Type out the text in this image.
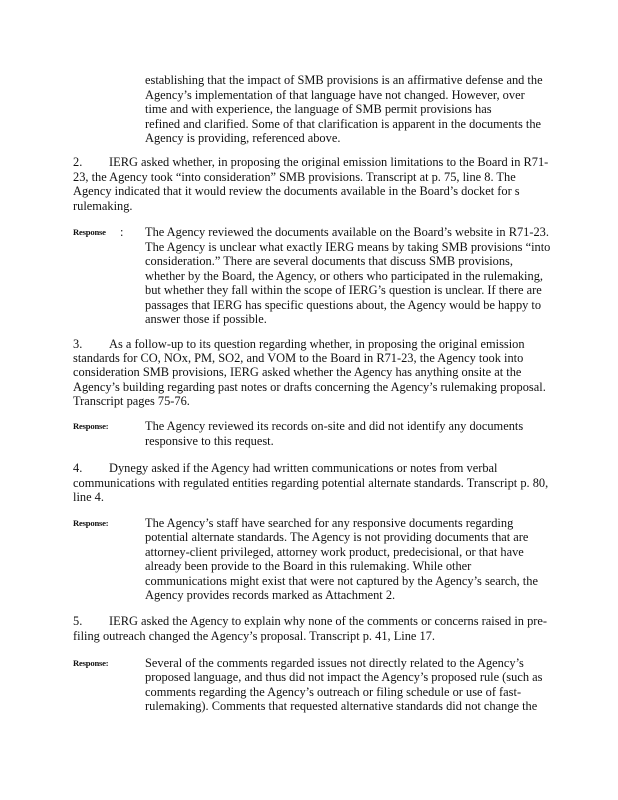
establishing that the impact of SMB provisions is an affirmative defense and the
Agency’s implementation of that language have not changed. However, over
time and with experience, the language of SMB permit provisions has
refined and clarified. Some of that clarification is apparent in the documents the
Agency is providing, referenced above.
2. IERG asked whether, in proposing the original emission limitations to the Board in R71-
23, the Agency took “into consideration” SMB provisions. Transcript at p. 75, line 8. The
Agency indicated that it would review the documents available in the Board’s docket for s
rulemaking.
Response : The Agency reviewed the documents available on the Board’s website in R71-23.
The Agency is unclear what exactly IERG means by taking SMB provisions “into
consideration.” There are several documents that discuss SMB provisions,
whether by the Board, the Agency, or others who participated in the rulemaking,
but whether they fall within the scope of IERG’s question is unclear. If there are
passages that IERG has specific questions about, the Agency would be happy to
answer those if possible.
3. As a follow-up to its question regarding whether, in proposing the original emission
standards for CO, NOx, PM, SO2, and VOM to the Board in R71-23, the Agency took into
consideration SMB provisions, IERG asked whether the Agency has anything onsite at the
Agency’s building regarding past notes or drafts concerning the Agency’s rulemaking proposal.
Transcript pages 75-76.
Response:	The Agency reviewed its records on-site and did not identify any documents
responsive to this request.
4. Dynegy asked if the Agency had written communications or notes from verbal
communications with regulated entities regarding potential alternate standards. Transcript p. 80,
line 4.
Response:	The Agency’s staff have searched for any responsive documents regarding
potential alternate standards. The Agency is not providing documents that are
attorney-client privileged, attorney work product, predecisional, or that have
already been provide to the Board in this rulemaking. While other
communications might exist that were not captured by the Agency’s search, the
Agency provides records marked as Attachment 2.
5. IERG asked the Agency to explain why none of the comments or concerns raised in pre-
filing outreach changed the Agency’s proposal. Transcript p. 41, Line 17.
Response:	Several of the comments regarded issues not directly related to the Agency’s
proposed language, and thus did not impact the Agency’s proposed rule (such as
comments regarding the Agency’s outreach or filing schedule or use of fast-
rulemaking). Comments that requested alternative standards did not change the
